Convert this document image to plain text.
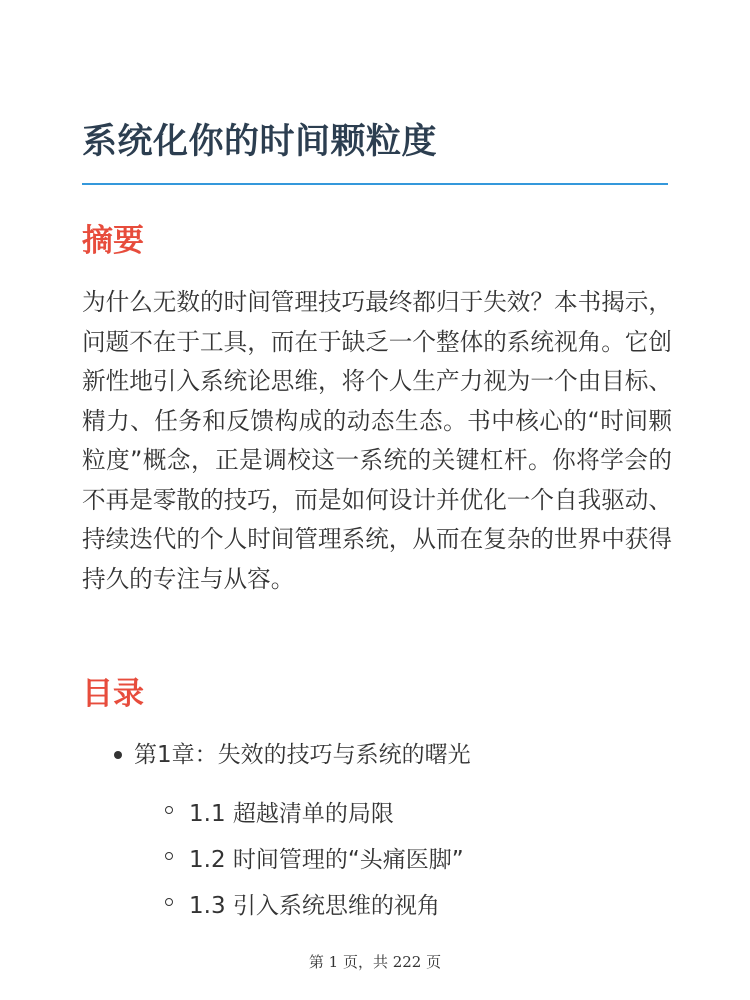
系统化你的时间颗粒度
摘要

为什么无数的时间管理技巧最终都归于失效？本书揭示，问题不在于工具，而在于缺乏一个整体的系统视角。它创新性地引入系统论思维，将个人生产力视为一个由目标、精力、任务和反馈构成的动态生态。书中核心的“时间颗粒度”概念，正是调校这一系统的关键杠杆。你将学会的不再是零散的技巧，而是如何设计并优化一个自我驱动、持续迭代的个人时间管理系统，从而在复杂的世界中获得持久的专注与从容。

目录
第1章：失效的技巧与系统的曙光
1.1 超越清单的局限
1.2 时间管理的“头痛医脚”
1.3 引入系统思维的视角
第 1 页，共 222 页
